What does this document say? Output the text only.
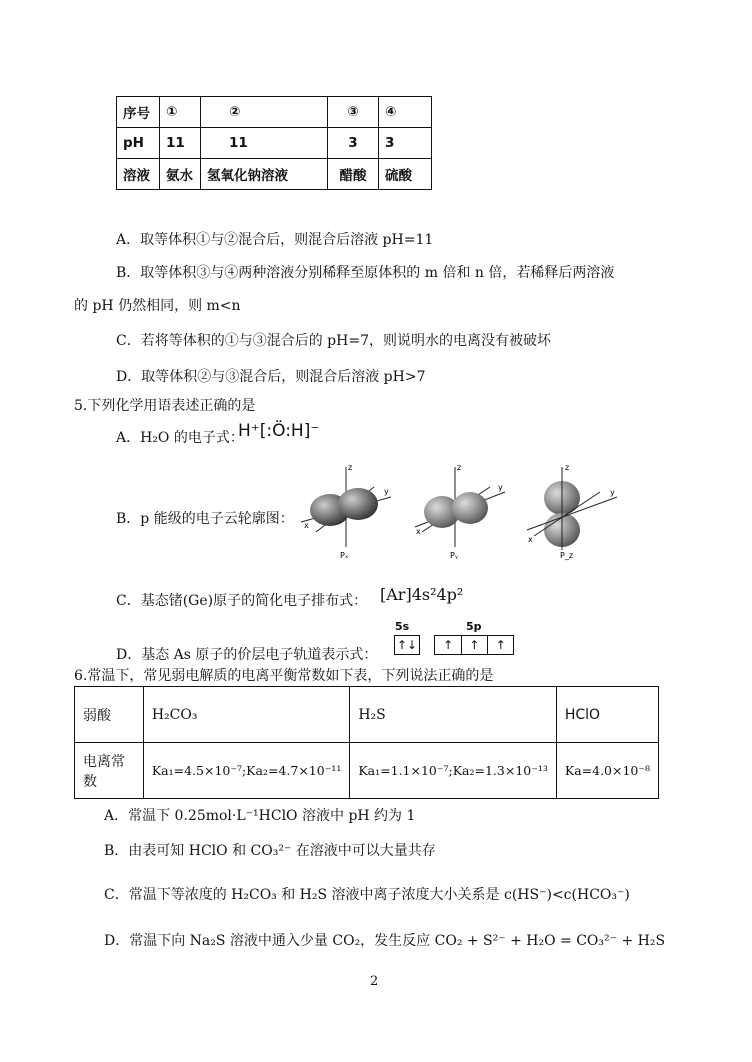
序号	①	②	③	④
pH	11	11	3	3
溶液	氨水	氢氧化钠溶液	醋酸	硫酸
A．取等体积①与②混合后，则混合后溶液 pH=11
B．取等体积③与④两种溶液分别稀释至原体积的 m 倍和 n 倍，若稀释后两溶液
的 pH 仍然相同，则 m<n
C．若将等体积的①与③混合后的 pH=7，则说明水的电离没有被破坏
D．取等体积②与③混合后，则混合后溶液 pH>7
5.下列化学用语表述正确的是
A．H₂O 的电子式：
H⁺[:Ö:H]⁻
B．p 能级的电子云轮廓图：
z
y
x
Pₓ
z
y
x
Pᵧ
z
y
x
P_z
C．基态锗(Ge)原子的简化电子排布式： [Ar]4s²4p²
D．基态 As 原子的价层电子轨道表示式：
5s	5p
↑↓	↑	↑	↑
6.常温下，常见弱电解质的电离平衡常数如下表，下列说法正确的是
弱酸	H₂CO₃	H₂S	HClO
电离常数	Ka₁=4.5×10⁻⁷;Ka₂=4.7×10⁻¹¹	Ka₁=1.1×10⁻⁷;Ka₂=1.3×10⁻¹³	Ka=4.0×10⁻⁸
A．常温下 0.25mol·L⁻¹HClO 溶液中 pH 约为 1
B．由表可知 HClO 和 CO₃²⁻ 在溶液中可以大量共存
C．常温下等浓度的 H₂CO₃ 和 H₂S 溶液中离子浓度大小关系是 c(HS⁻)<c(HCO₃⁻)
D．常温下向 Na₂S 溶液中通入少量 CO₂，发生反应 CO₂ + S²⁻ + H₂O = CO₃²⁻ + H₂S
2
